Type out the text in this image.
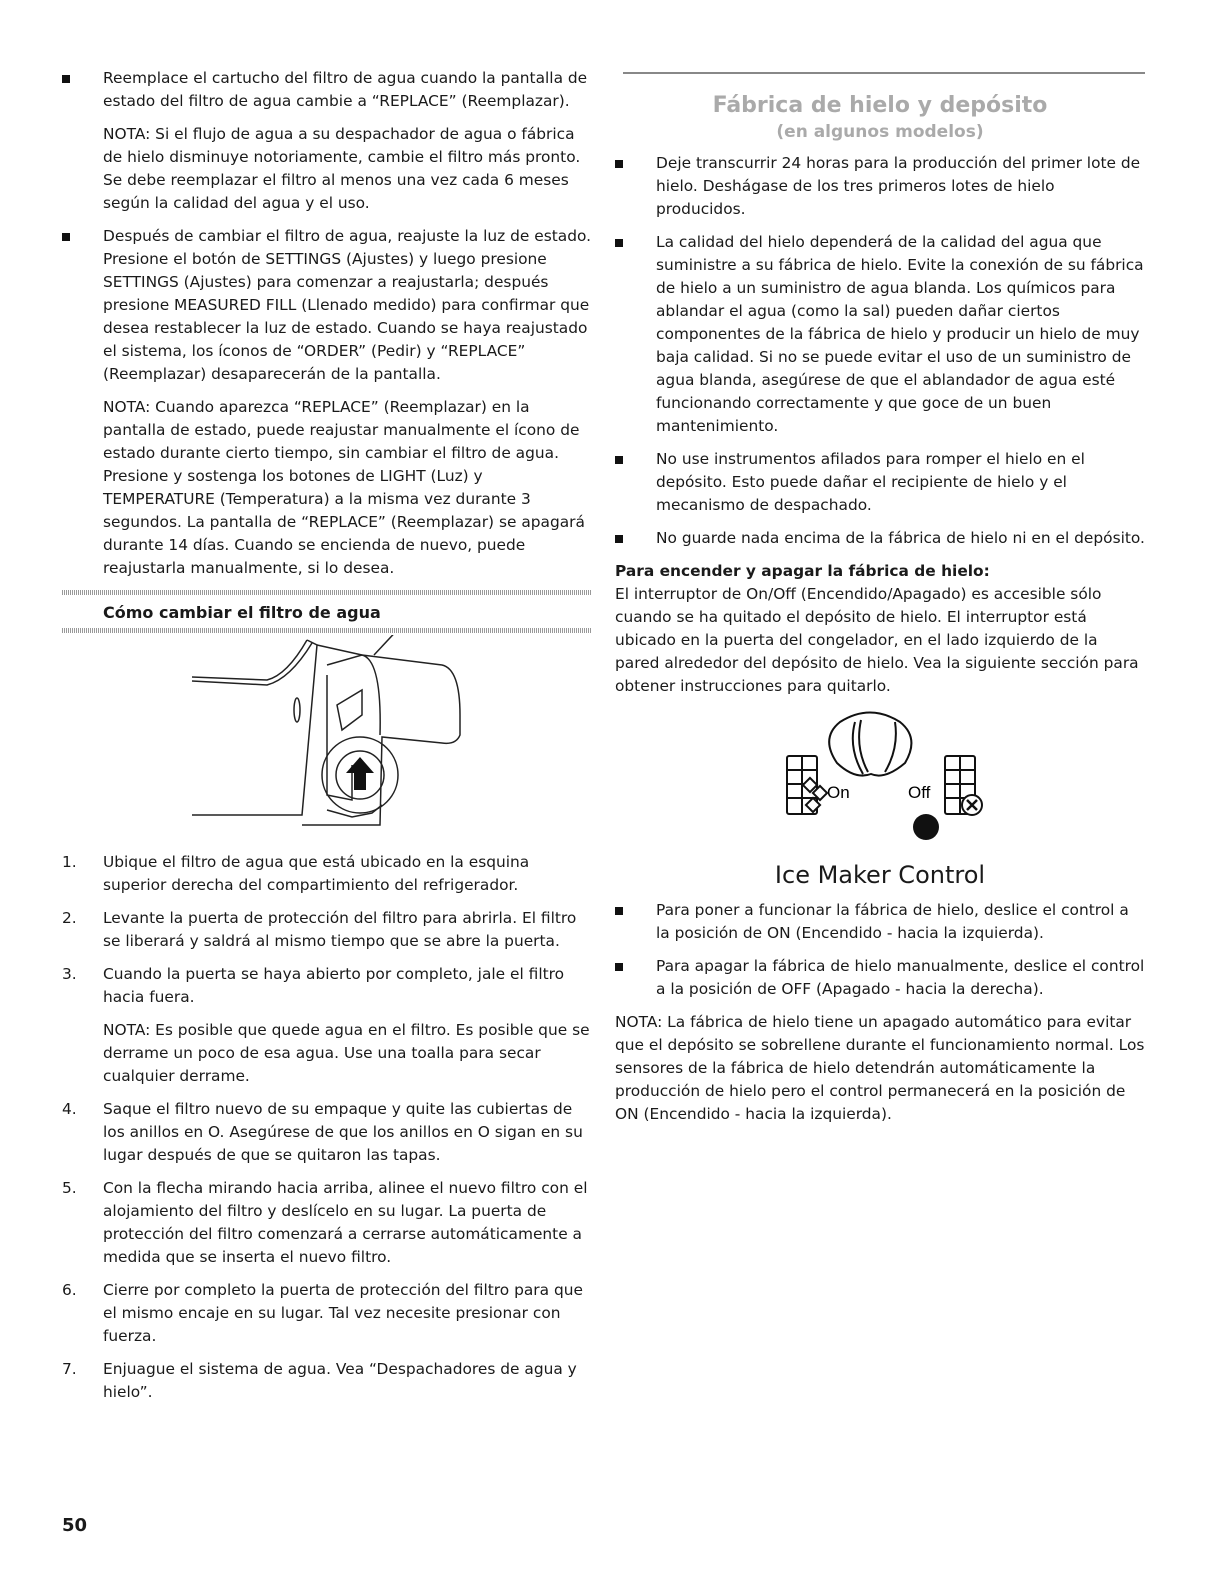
Reemplace el cartucho del filtro de agua cuando la pantalla de estado del filtro de agua cambie a “REPLACE” (Reemplazar).

NOTA: Si el flujo de agua a su despachador de agua o fábrica de hielo disminuye notoriamente, cambie el filtro más pronto. Se debe reemplazar el filtro al menos una vez cada 6 meses según la calidad del agua y el uso.

Después de cambiar el filtro de agua, reajuste la luz de estado. Presione el botón de SETTINGS (Ajustes) y luego presione SETTINGS (Ajustes) para comenzar a reajustarla; después presione MEASURED FILL (Llenado medido) para confirmar que desea restablecer la luz de estado. Cuando se haya reajustado el sistema, los íconos de “ORDER” (Pedir) y “REPLACE” (Reemplazar) desaparecerán de la pantalla.

NOTA: Cuando aparezca “REPLACE” (Reemplazar) en la pantalla de estado, puede reajustar manualmente el ícono de estado durante cierto tiempo, sin cambiar el filtro de agua. Presione y sostenga los botones de LIGHT (Luz) y TEMPERATURE (Temperatura) a la misma vez durante 3 segundos. La pantalla de “REPLACE” (Reemplazar) se apagará durante 14 días. Cuando se encienda de nuevo, puede reajustarla manualmente, si lo desea.

Cómo cambiar el filtro de agua
1. Ubique el filtro de agua que está ubicado en la esquina superior derecha del compartimiento del refrigerador.

2. Levante la puerta de protección del filtro para abrirla. El filtro se liberará y saldrá al mismo tiempo que se abre la puerta.

3. Cuando la puerta se haya abierto por completo, jale el filtro hacia fuera.

NOTA: Es posible que quede agua en el filtro. Es posible que se derrame un poco de esa agua. Use una toalla para secar cualquier derrame.

4. Saque el filtro nuevo de su empaque y quite las cubiertas de los anillos en O. Asegúrese de que los anillos en O sigan en su lugar después de que se quitaron las tapas.

5. Con la flecha mirando hacia arriba, alinee el nuevo filtro con el alojamiento del filtro y deslícelo en su lugar. La puerta de protección del filtro comenzará a cerrarse automáticamente a medida que se inserta el nuevo filtro.

6. Cierre por completo la puerta de protección del filtro para que el mismo encaje en su lugar. Tal vez necesite presionar con fuerza.

7. Enjuague el sistema de agua. Vea “Despachadores de agua y hielo”.

Fábrica de hielo y depósito
(en algunos modelos)

Deje transcurrir 24 horas para la producción del primer lote de hielo. Deshágase de los tres primeros lotes de hielo producidos.

La calidad del hielo dependerá de la calidad del agua que suministre a su fábrica de hielo. Evite la conexión de su fábrica de hielo a un suministro de agua blanda. Los químicos para ablandar el agua (como la sal) pueden dañar ciertos componentes de la fábrica de hielo y producir un hielo de muy baja calidad. Si no se puede evitar el uso de un suministro de agua blanda, asegúrese de que el ablandador de agua esté funcionando correctamente y que goce de un buen mantenimiento.

No use instrumentos afilados para romper el hielo en el depósito. Esto puede dañar el recipiente de hielo y el mecanismo de despachado.

No guarde nada encima de la fábrica de hielo ni en el depósito.

Para encender y apagar la fábrica de hielo:

El interruptor de On/Off (Encendido/Apagado) es accesible sólo cuando se ha quitado el depósito de hielo. El interruptor está ubicado en la puerta del congelador, en el lado izquierdo de la pared alrededor del depósito de hielo. Vea la siguiente sección para obtener instrucciones para quitarlo.

On	Off
Ice Maker Control

Para poner a funcionar la fábrica de hielo, deslice el control a la posición de ON (Encendido - hacia la izquierda).

Para apagar la fábrica de hielo manualmente, deslice el control a la posición de OFF (Apagado - hacia la derecha).

NOTA: La fábrica de hielo tiene un apagado automático para evitar que el depósito se sobrellene durante el funcionamiento normal. Los sensores de la fábrica de hielo detendrán automáticamente la producción de hielo pero el control permanecerá en la posición de ON (Encendido - hacia la izquierda).

50
